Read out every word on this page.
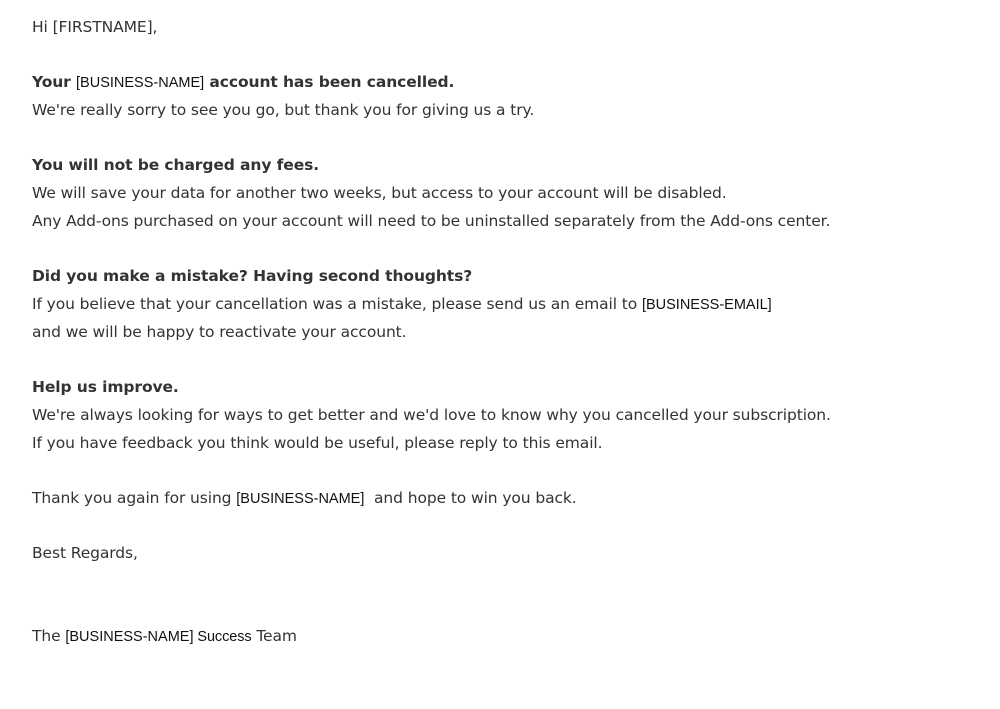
Hi [FIRSTNAME],
Your [BUSINESS-NAME] account has been cancelled.
We're really sorry to see you go, but thank you for giving us a try.
You will not be charged any fees.
We will save your data for another two weeks, but access to your account will be disabled.
Any Add-ons purchased on your account will need to be uninstalled separately from the Add-ons center.
Did you make a mistake? Having second thoughts?
If you believe that your cancellation was a mistake, please send us an email to [BUSINESS-EMAIL]
and we will be happy to reactivate your account.
Help us improve.
We're always looking for ways to get better and we'd love to know why you cancelled your subscription.
If you have feedback you think would be useful, please reply to this email.
Thank you again for using [BUSINESS-NAME]  and hope to win you back.
Best Regards,
The [BUSINESS-NAME] Success Team
